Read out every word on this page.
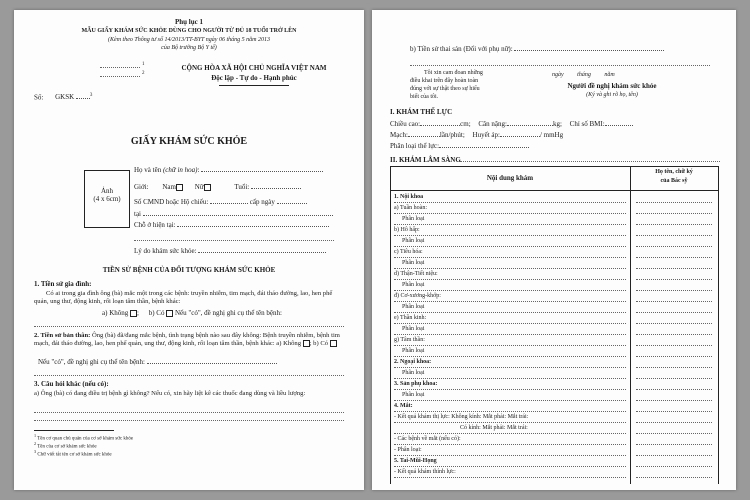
Phụ lục 1
MẪU GIẤY KHÁM SỨC KHỎE DÙNG CHO NGƯỜI TỪ ĐỦ 18 TUỔI TRỞ LÊN
(Kèm theo Thông tư số 14/2013/TT-BYT ngày 06 tháng 5 năm 2013
của Bộ trưởng Bộ Y tế)
1
2
Số: GKSK	$^3$
CỘNG HÒA XÃ HỘI CHỦ NGHĨA VIỆT NAM
Độc lập - Tự do - Hạnh phúc
GIẤY KHÁM SỨC KHỎE
Ảnh
(4 x 6cm)
Họ và tên (chữ in hoa):
Giới: Nam	Nữ	Tuổi:
Số CMND hoặc Hộ chiếu:	cấp ngày
tại
Chỗ ở hiện tại:
Lý do khám sức khỏe:
TIỀN SỬ BỆNH CỦA ĐỐI TƯỢNG KHÁM SỨC KHỎE
1. Tiền sử gia đình:
Có ai trong gia đình ông (bà) mắc một trong các bệnh: truyền nhiễm, tim mạch, đái tháo đường, lao, hen phế quản, ung thư, động kinh, rối loạn tâm thần, bệnh khác:
a) Không ; b) Có Nếu "có", đề nghị ghi cụ thể tên bệnh:
2. Tiền sử bản thân: Ông (bà) đã/đang mắc bệnh, tình trạng bệnh nào sau đây không: Bệnh truyền nhiễm, bệnh tim mạch, đái tháo đường, lao, hen phế quản, ung thư, động kinh, rối loạn tâm thần, bệnh khác: a) Không ; b) Có
Nếu "có", đề nghị ghi cụ thể tên bệnh:
3. Câu hỏi khác (nếu có):
a) Ông (bà) có đang điều trị bệnh gì không? Nếu có, xin hãy liệt kê các thuốc đang dùng và liều lượng:
$^1$ Tên cơ quan chủ quản của cơ sở khám sức khỏe
$^2$ Tên của cơ sở khám sức khỏe
$^3$ Chữ viết tắt tên cơ sở khám sức khỏe
b) Tiền sử thai sản (Đối với phụ nữ):
Tôi xin cam đoan những
điều khai trên đây hoàn toàn
đúng với sự thật theo sự hiểu
biết của tôi.
ngày tháng năm
Người đề nghị khám sức khỏe
(Ký và ghi rõ họ, tên)
I. KHÁM THỂ LỰC
Chiều cao:	cm; Cân nặng:	kg; Chỉ số BMI:
Mạch:	lần/phút; Huyết áp:	/ mmHg
Phân loại thể lực:
II. KHÁM LÂM SÀNG
Nội dung khám
Họ tên, chữ ký
của Bác sỹ
1. Nội khoa
a) Tuần hoàn:
Phân loại
b) Hô hấp:
Phân loại
c) Tiêu hóa:
Phân loại
d) Thận-Tiết niệu:
Phân loại
đ) Cơ-xương-khớp:
Phân loại
e) Thần kinh:
Phân loại
g) Tâm thần:
Phân loại
2. Ngoại khoa:
Phân loại
3. Sản phụ khoa:
Phân loại
4. Mắt:
- Kết quả khám thị lực: Không kính: Mắt phải: Mắt trái:
Có kính: Mắt phải: Mắt trái:
- Các bệnh về mắt (nếu có):
- Phân loại:
5. Tai-Mũi-Họng
- Kết quả khám thính lực:
